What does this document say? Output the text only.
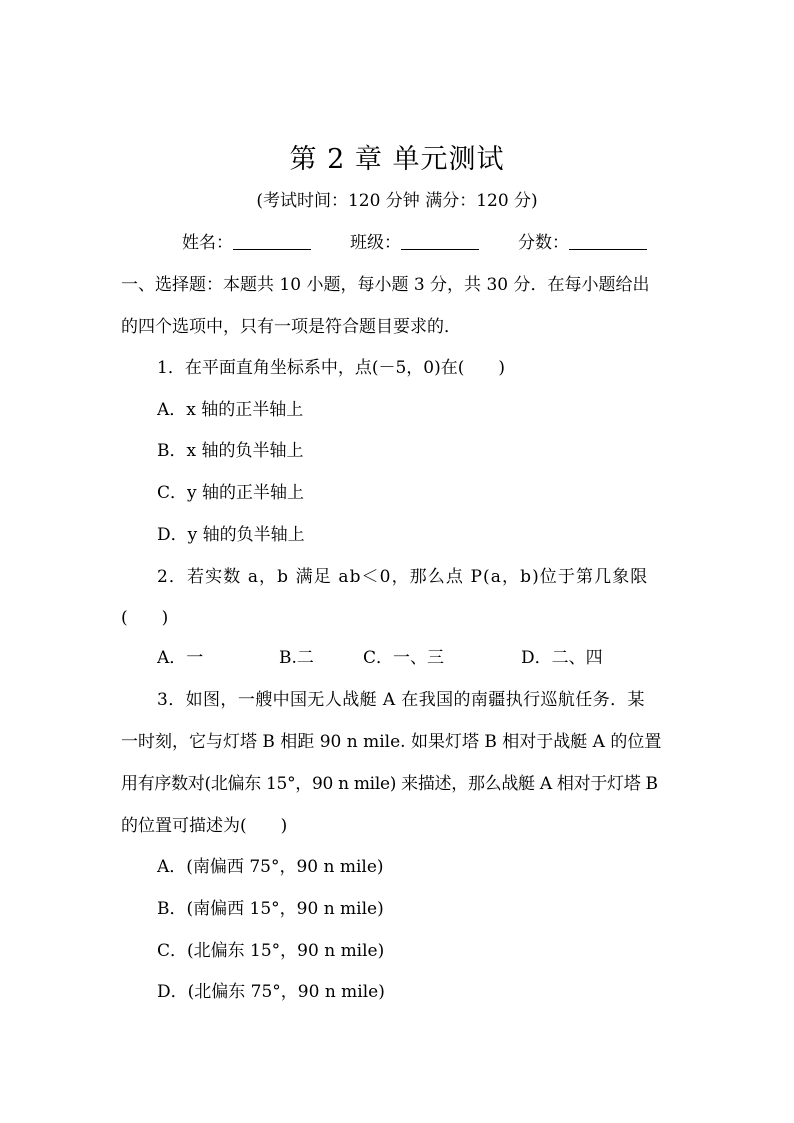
第 2 章 单元测试
(考试时间：120 分钟 满分：120 分)
姓名：	班级：	分数：
一、选择题：本题共 10 小题，每小题 3 分，共 30 分．在每小题给出
的四个选项中，只有一项是符合题目要求的．
1．在平面直角坐标系中，点(－5，0)在(　　)
A．x 轴的正半轴上
B．x 轴的负半轴上
C．y 轴的正半轴上
D．y 轴的负半轴上
2．若实数 a，b 满足 ab＜0，那么点 P(a，b)位于第几象限
(　　)
A．一	B.二	C．一、三	D．二、四
3．如图，一艘中国无人战艇 A 在我国的南疆执行巡航任务．某
一时刻，它与灯塔 B 相距 90 n mile. 如果灯塔 B 相对于战艇 A 的位置
用有序数对(北偏东 15°，90 n mile) 来描述，那么战艇 A 相对于灯塔 B
的位置可描述为(　　)
A．(南偏西 75°，90 n mile)
B．(南偏西 15°，90 n mile)
C．(北偏东 15°，90 n mile)
D．(北偏东 75°，90 n mile)
